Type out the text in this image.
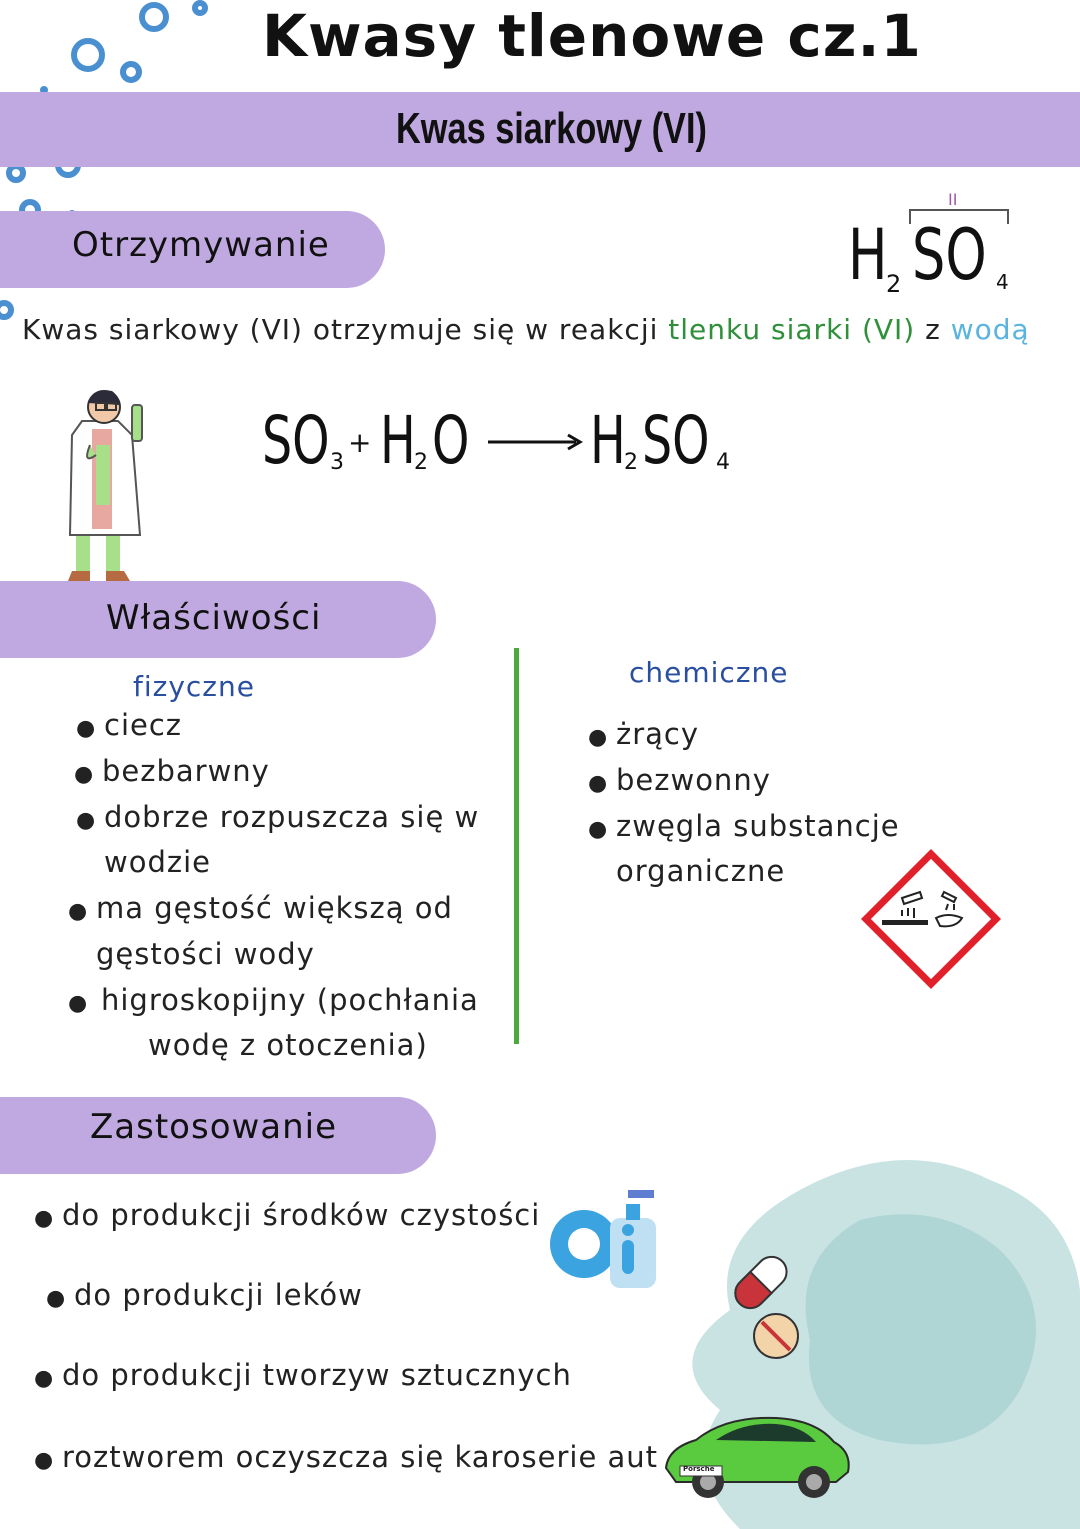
Kwasy tlenowe cz.1
Kwas siarkowy (VI)
Otrzymywanie
II
H
2 SO 4
Kwas siarkowy (VI) otrzymuje się w reakcji tlenku siarki (VI) z wodą
SO 3
+ H
2 O H
2 SO 4
Właściwości
fizyczne
● ciecz
● bezbarwny
● dobrze rozpuszcza się w
wodzie
● ma gęstość większą od
gęstości wody
● higroskopijny (pochłania
wodę z otoczenia)
chemiczne
● żrący
● bezwonny
● zwęgla substancje
organiczne
Zastosowanie
● do produkcji środków czystości
● do produkcji leków
● do produkcji tworzyw sztucznych
● roztworem oczyszcza się karoserie aut	Porsche
